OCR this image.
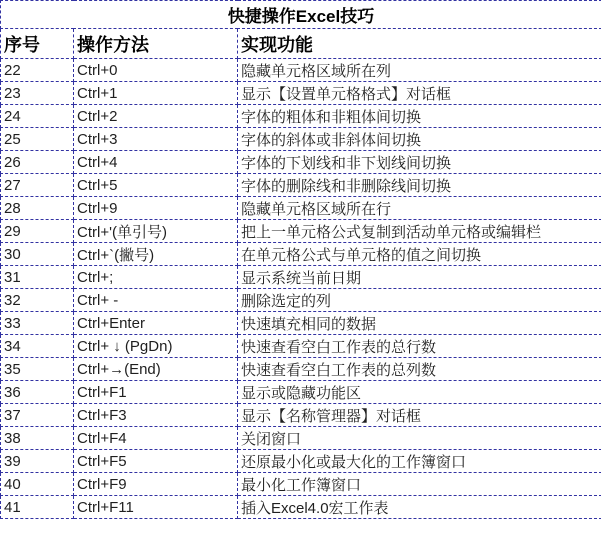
快捷操作Excel技巧		
序号	操作方法	实现功能
22	Ctrl+0	隐藏单元格区域所在列
23	Ctrl+1	显示【设置单元格格式】对话框
24	Ctrl+2	字体的粗体和非粗体间切换
25	Ctrl+3	字体的斜体或非斜体间切换
26	Ctrl+4	字体的下划线和非下划线间切换
27	Ctrl+5	字体的删除线和非删除线间切换
28	Ctrl+9	隐藏单元格区域所在行
29	Ctrl+'(单引号)	把上一单元格公式复制到活动单元格或编辑栏
30	Ctrl+`(撇号)	在单元格公式与单元格的值之间切换
31	Ctrl+;	显示系统当前日期
32	Ctrl+ -	删除选定的列
33	Ctrl+Enter	快速填充相同的数据
34	Ctrl+ ↓ (PgDn)	快速查看空白工作表的总行数
35	Ctrl+→(End)	快速查看空白工作表的总列数
36	Ctrl+F1	显示或隐藏功能区
37	Ctrl+F3	显示【名称管理器】对话框
38	Ctrl+F4	关闭窗口
39	Ctrl+F5	还原最小化或最大化的工作簿窗口
40	Ctrl+F9	最小化工作簿窗口
41	Ctrl+F11	插入Excel4.0宏工作表
